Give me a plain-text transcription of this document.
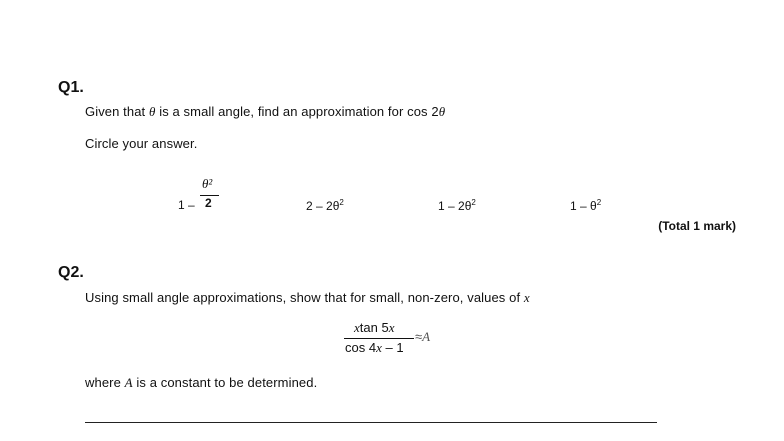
Q1.
Given that θ is a small angle, find an approximation for cos 2θ
Circle your answer.
1 –
θ²
2	$2 - 2\theta^2$	$1 - 2\theta^2$	$1 - \theta^2$
(Total 1 mark)
Q2.
Using small angle approximations, show that for small, non-zero, values of x
xtan 5x
cos 4x – 1
≈A
where A is a constant to be determined.
